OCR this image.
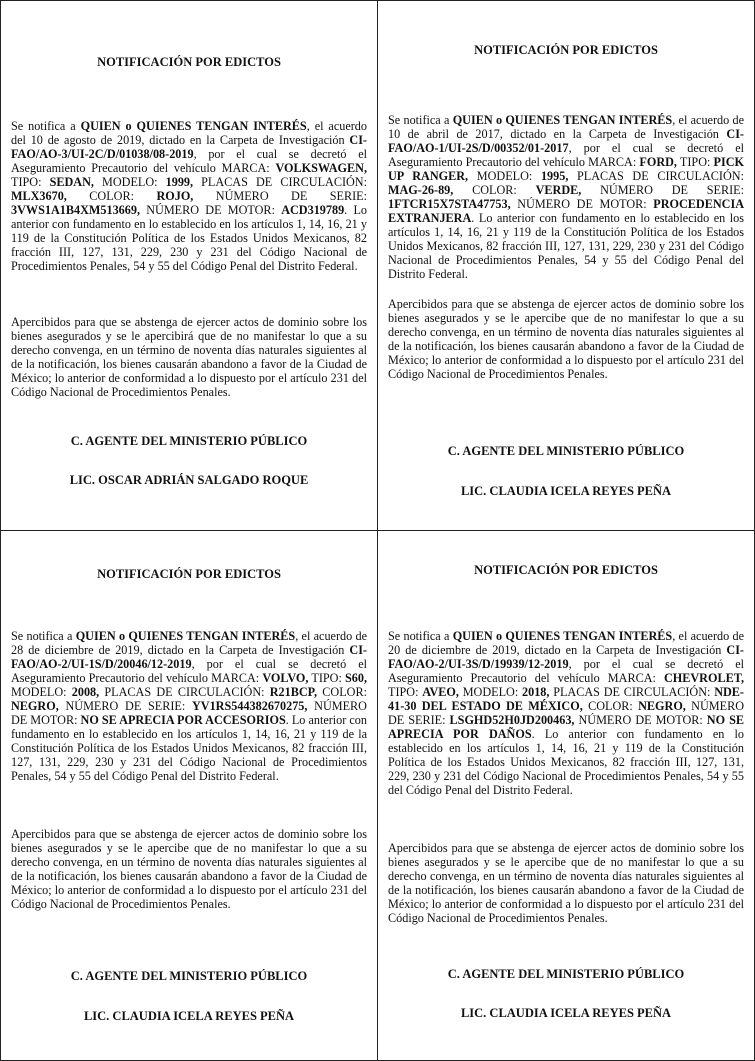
NOTIFICACIÓN POR EDICTOS

Se notifica a QUIEN o QUIENES TENGAN INTERÉS, el acuerdo del 10 de agosto de 2019, dictado en la Carpeta de Investigación CI-FAO/AO-3/UI-2C/D/01038/08-2019, por el cual se decretó el Aseguramiento Precautorio del vehículo MARCA: VOLKSWAGEN, TIPO: SEDAN, MODELO: 1999, PLACAS DE CIRCULACIÓN: MLX3670, COLOR: ROJO, NÚMERO DE SERIE: 3VWS1A1B4XM513669, NÚMERO DE MOTOR: ACD319789. Lo anterior con fundamento en lo establecido en los artículos 1, 14, 16, 21 y 119 de la Constitución Política de los Estados Unidos Mexicanos, 82 fracción III, 127, 131, 229, 230 y 231 del Código Nacional de Procedimientos Penales, 54 y 55 del Código Penal del Distrito Federal.

Apercibidos para que se abstenga de ejercer actos de dominio sobre los bienes asegurados y se le apercibirá que de no manifestar lo que a su derecho convenga, en un término de noventa días naturales siguientes al de la notificación, los bienes causarán abandono a favor de la Ciudad de México; lo anterior de conformidad a lo dispuesto por el artículo 231 del Código Nacional de Procedimientos Penales.

C. AGENTE DEL MINISTERIO PÚBLICO
LIC. OSCAR ADRIÁN SALGADO ROQUE
NOTIFICACIÓN POR EDICTOS

Se notifica a QUIEN o QUIENES TENGAN INTERÉS, el acuerdo de 10 de abril de 2017, dictado en la Carpeta de Investigación CI-FAO/AO-1/UI-2S/D/00352/01-2017, por el cual se decretó el Aseguramiento Precautorio del vehículo MARCA: FORD, TIPO: PICK UP RANGER, MODELO: 1995, PLACAS DE CIRCULACIÓN: MAG-26-89, COLOR: VERDE, NÚMERO DE SERIE: 1FTCR15X7STA47753, NÚMERO DE MOTOR: PROCEDENCIA EXTRANJERA. Lo anterior con fundamento en lo establecido en los artículos 1, 14, 16, 21 y 119 de la Constitución Política de los Estados Unidos Mexicanos, 82 fracción III, 127, 131, 229, 230 y 231 del Código Nacional de Procedimientos Penales, 54 y 55 del Código Penal del Distrito Federal.

Apercibidos para que se abstenga de ejercer actos de dominio sobre los bienes asegurados y se le apercibe que de no manifestar lo que a su derecho convenga, en un término de noventa días naturales siguientes al de la notificación, los bienes causarán abandono a favor de la Ciudad de México; lo anterior de conformidad a lo dispuesto por el artículo 231 del Código Nacional de Procedimientos Penales.

C. AGENTE DEL MINISTERIO PÚBLICO
LIC. CLAUDIA ICELA REYES PEÑA
NOTIFICACIÓN POR EDICTOS

Se notifica a QUIEN o QUIENES TENGAN INTERÉS, el acuerdo de 28 de diciembre de 2019, dictado en la Carpeta de Investigación CI-FAO/AO-2/UI-1S/D/20046/12-2019, por el cual se decretó el Aseguramiento Precautorio del vehículo MARCA: VOLVO, TIPO: S60, MODELO: 2008, PLACAS DE CIRCULACIÓN: R21BCP, COLOR: NEGRO, NÚMERO DE SERIE: YV1RS544382670275, NÚMERO DE MOTOR: NO SE APRECIA POR ACCESORIOS. Lo anterior con fundamento en lo establecido en los artículos 1, 14, 16, 21 y 119 de la Constitución Política de los Estados Unidos Mexicanos, 82 fracción III, 127, 131, 229, 230 y 231 del Código Nacional de Procedimientos Penales, 54 y 55 del Código Penal del Distrito Federal.

Apercibidos para que se abstenga de ejercer actos de dominio sobre los bienes asegurados y se le apercibe que de no manifestar lo que a su derecho convenga, en un término de noventa días naturales siguientes al de la notificación, los bienes causarán abandono a favor de la Ciudad de México; lo anterior de conformidad a lo dispuesto por el artículo 231 del Código Nacional de Procedimientos Penales.

C. AGENTE DEL MINISTERIO PÚBLICO
LIC. CLAUDIA ICELA REYES PEÑA
NOTIFICACIÓN POR EDICTOS

Se notifica a QUIEN o QUIENES TENGAN INTERÉS, el acuerdo de 20 de diciembre de 2019, dictado en la Carpeta de Investigación CI-FAO/AO-2/UI-3S/D/19939/12-2019, por el cual se decretó el Aseguramiento Precautorio del vehículo MARCA: CHEVROLET, TIPO: AVEO, MODELO: 2018, PLACAS DE CIRCULACIÓN: NDE-41-30 DEL ESTADO DE MÉXICO, COLOR: NEGRO, NÚMERO DE SERIE: LSGHD52H0JD200463, NÚMERO DE MOTOR: NO SE APRECIA POR DAÑOS. Lo anterior con fundamento en lo establecido en los artículos 1, 14, 16, 21 y 119 de la Constitución Política de los Estados Unidos Mexicanos, 82 fracción III, 127, 131, 229, 230 y 231 del Código Nacional de Procedimientos Penales, 54 y 55 del Código Penal del Distrito Federal.

Apercibidos para que se abstenga de ejercer actos de dominio sobre los bienes asegurados y se le apercibe que de no manifestar lo que a su derecho convenga, en un término de noventa días naturales siguientes al de la notificación, los bienes causarán abandono a favor de la Ciudad de México; lo anterior de conformidad a lo dispuesto por el artículo 231 del Código Nacional de Procedimientos Penales.

C. AGENTE DEL MINISTERIO PÚBLICO
LIC. CLAUDIA ICELA REYES PEÑA
